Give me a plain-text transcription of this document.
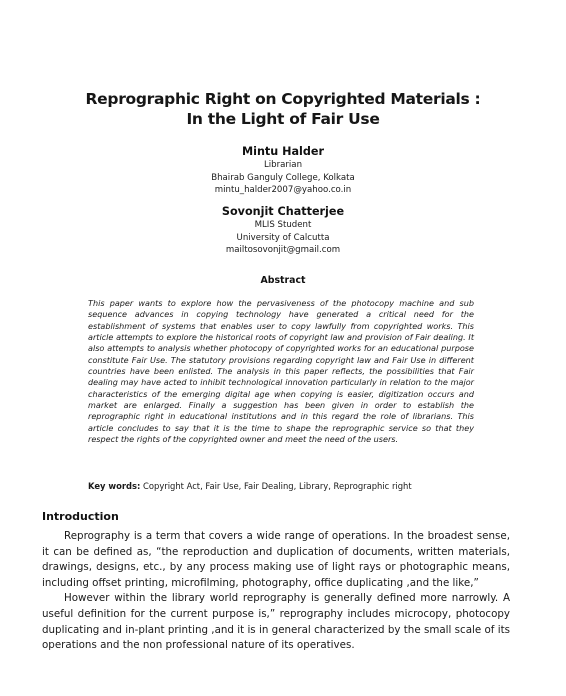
Reprographic Right on Copyrighted Materials :
In the Light of Fair Use
Mintu Halder
Librarian
Bhairab Ganguly College, Kolkata
mintu_halder2007@yahoo.co.in
Sovonjit Chatterjee
MLIS Student
University of Calcutta
mailtosovonjit@gmail.com
Abstract
This paper wants to explore how the pervasiveness of the photocopy machine and sub sequence advances in copying technology have generated a critical need for the establishment of systems that enables user to copy lawfully from copyrighted works. This article attempts to explore the historical roots of copyright law and provision of Fair dealing. It also attempts to analysis whether photocopy of copyrighted works for an educational purpose constitute Fair Use. The statutory provisions regarding copyright law and Fair Use in different countries have been enlisted. The analysis in this paper reflects, the possibilities that Fair dealing may have acted to inhibit technological innovation particularly in relation to the major characteristics of the emerging digital age when copying is easier, digitization occurs and market are enlarged. Finally a suggestion has been given in order to establish the reprographic right in educational institutions and in this regard the role of librarians. This article concludes to say that it is the time to shape the reprographic service so that they respect the rights of the copyrighted owner and meet the need of the users.
Key words: Copyright Act, Fair Use, Fair Dealing, Library, Reprographic right
Introduction

Reprography is a term that covers a wide range of operations. In the broadest sense, it can be defined as, “the reproduction and duplication of documents, written materials, drawings, designs, etc., by any process making use of light rays or photographic means, including offset printing, microfilming, photography, office duplicating ,and the like,”

However within the library world reprography is generally defined more narrowly. A useful definition for the current purpose is,” reprography includes microcopy, photocopy duplicating and in-plant printing ,and it is in general characterized by the small scale of its operations and the non professional nature of its operatives.
